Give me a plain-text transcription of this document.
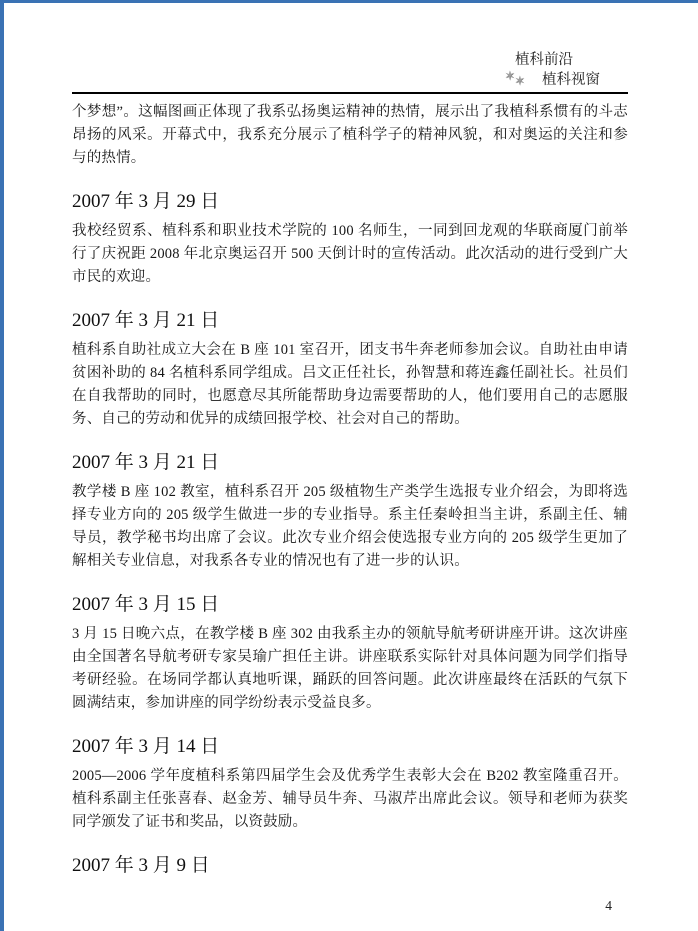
植科前沿
✶✶ 植科视窗

个梦想”。这幅图画正体现了我系弘扬奥运精神的热情，展示出了我植科系惯有的斗志昂扬的风采。开幕式中，我系充分展示了植科学子的精神风貌，和对奥运的关注和参与的热情。

2007 年 3 月 29 日

我校经贸系、植科系和职业技术学院的 100 名师生，一同到回龙观的华联商厦门前举行了庆祝距 2008 年北京奥运召开 500 天倒计时的宣传活动。此次活动的进行受到广大市民的欢迎。

2007 年 3 月 21 日

植科系自助社成立大会在 B 座 101 室召开，团支书牛奔老师参加会议。自助社由申请贫困补助的 84 名植科系同学组成。吕文正任社长，孙智慧和蒋连鑫任副社长。社员们在自我帮助的同时，也愿意尽其所能帮助身边需要帮助的人，他们要用自己的志愿服务、自己的劳动和优异的成绩回报学校、社会对自己的帮助。

2007 年 3 月 21 日

教学楼 B 座 102 教室，植科系召开 205 级植物生产类学生选报专业介绍会，为即将选择专业方向的 205 级学生做进一步的专业指导。系主任秦岭担当主讲，系副主任、辅导员，教学秘书均出席了会议。此次专业介绍会使选报专业方向的 205 级学生更加了解相关专业信息，对我系各专业的情况也有了进一步的认识。

2007 年 3 月 15 日

3 月 15 日晚六点，在教学楼 B 座 302 由我系主办的领航导航考研讲座开讲。这次讲座由全国著名导航考研专家吴瑜广担任主讲。讲座联系实际针对具体问题为同学们指导考研经验。在场同学都认真地听课，踊跃的回答问题。此次讲座最终在活跃的气氛下圆满结束，参加讲座的同学纷纷表示受益良多。

2007 年 3 月 14 日

2005—2006 学年度植科系第四届学生会及优秀学生表彰大会在 B202 教室隆重召开。植科系副主任张喜春、赵金芳、辅导员牛奔、马淑芹出席此会议。领导和老师为获奖同学颁发了证书和奖品，以资鼓励。

2007 年 3 月 9 日
4
